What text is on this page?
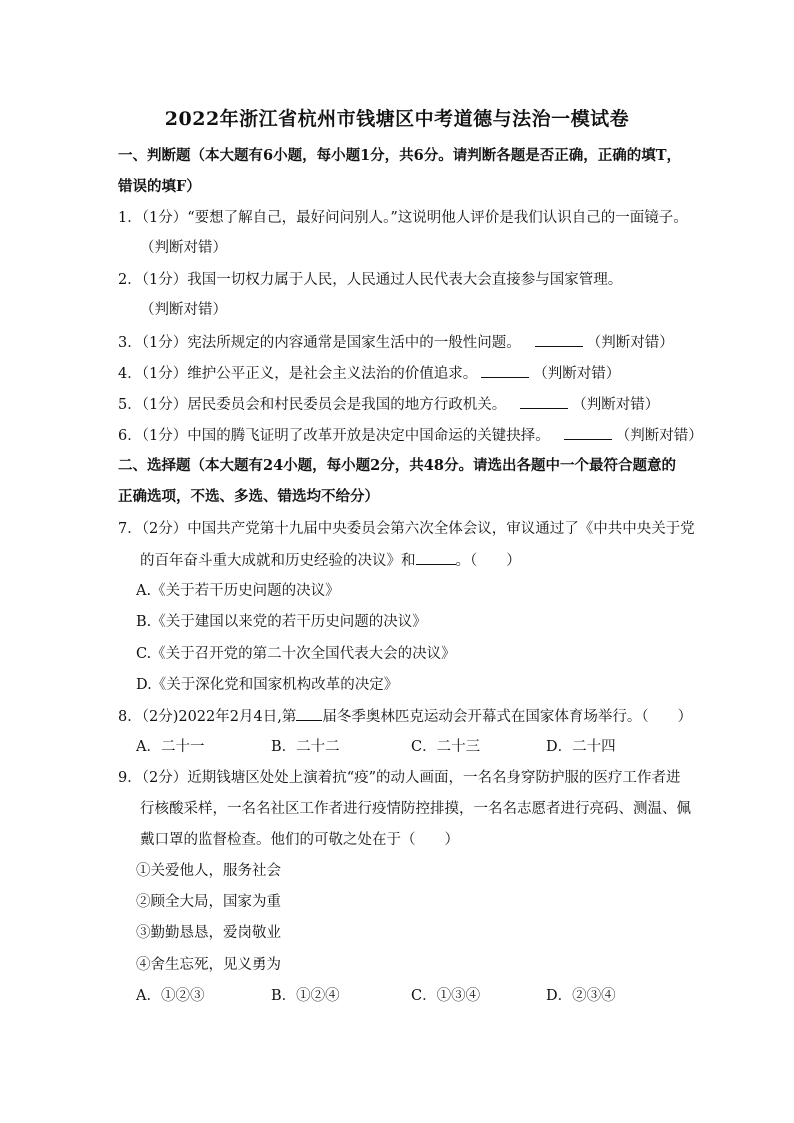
2022年浙江省杭州市钱塘区中考道德与法治一模试卷
一、判断题（本大题有6小题，每小题1分，共6分。请判断各题是否正确，正确的填T，
错误的填F）
1．（1分）“要想了解自己，最好问问别人。”这说明他人评价是我们认识自己的一面镜子。
（判断对错）
2．（1分）我国一切权力属于人民，人民通过人民代表大会直接参与国家管理。
（判断对错）
3．（1分）宪法所规定的内容通常是国家生活中的一般性问题。	（判断对错）
4．（1分）维护公平正义，是社会主义法治的价值追求。	（判断对错）
5．（1分）居民委员会和村民委员会是我国的地方行政机关。	（判断对错）
6．（1分）中国的腾飞证明了改革开放是决定中国命运的关键抉择。	（判断对错）
二、选择题（本大题有24小题，每小题2分，共48分。请选出各题中一个最符合题意的
正确选项，不选、多选、错选均不给分）
7．（2分）中国共产党第十九届中央委员会第六次全体会议，审议通过了《中共中央关于党
的百年奋斗重大成就和历史经验的决议》和	。（　　）
A.《关于若干历史问题的决议》
B.《关于建国以来党的若干历史问题的决议》
C.《关于召开党的第二十次全国代表大会的决议》
D.《关于深化党和国家机构改革的决定》
8．（2分)2022年2月4日,第 届冬季奥林匹克运动会开幕式在国家体育场举行。（　　）
A．二十一	B．二十二	C．二十三	D．二十四
9．（2分）近期钱塘区处处上演着抗“疫”的动人画面，一名名身穿防护服的医疗工作者进
行核酸采样，一名名社区工作者进行疫情防控排摸，一名名志愿者进行亮码、测温、佩
戴口罩的监督检查。他们的可敬之处在于（　　）
①关爱他人，服务社会
②顾全大局，国家为重
③勤勤恳恳，爱岗敬业
④舍生忘死，见义勇为
A．①②③	B．①②④	C．①③④	D．②③④
